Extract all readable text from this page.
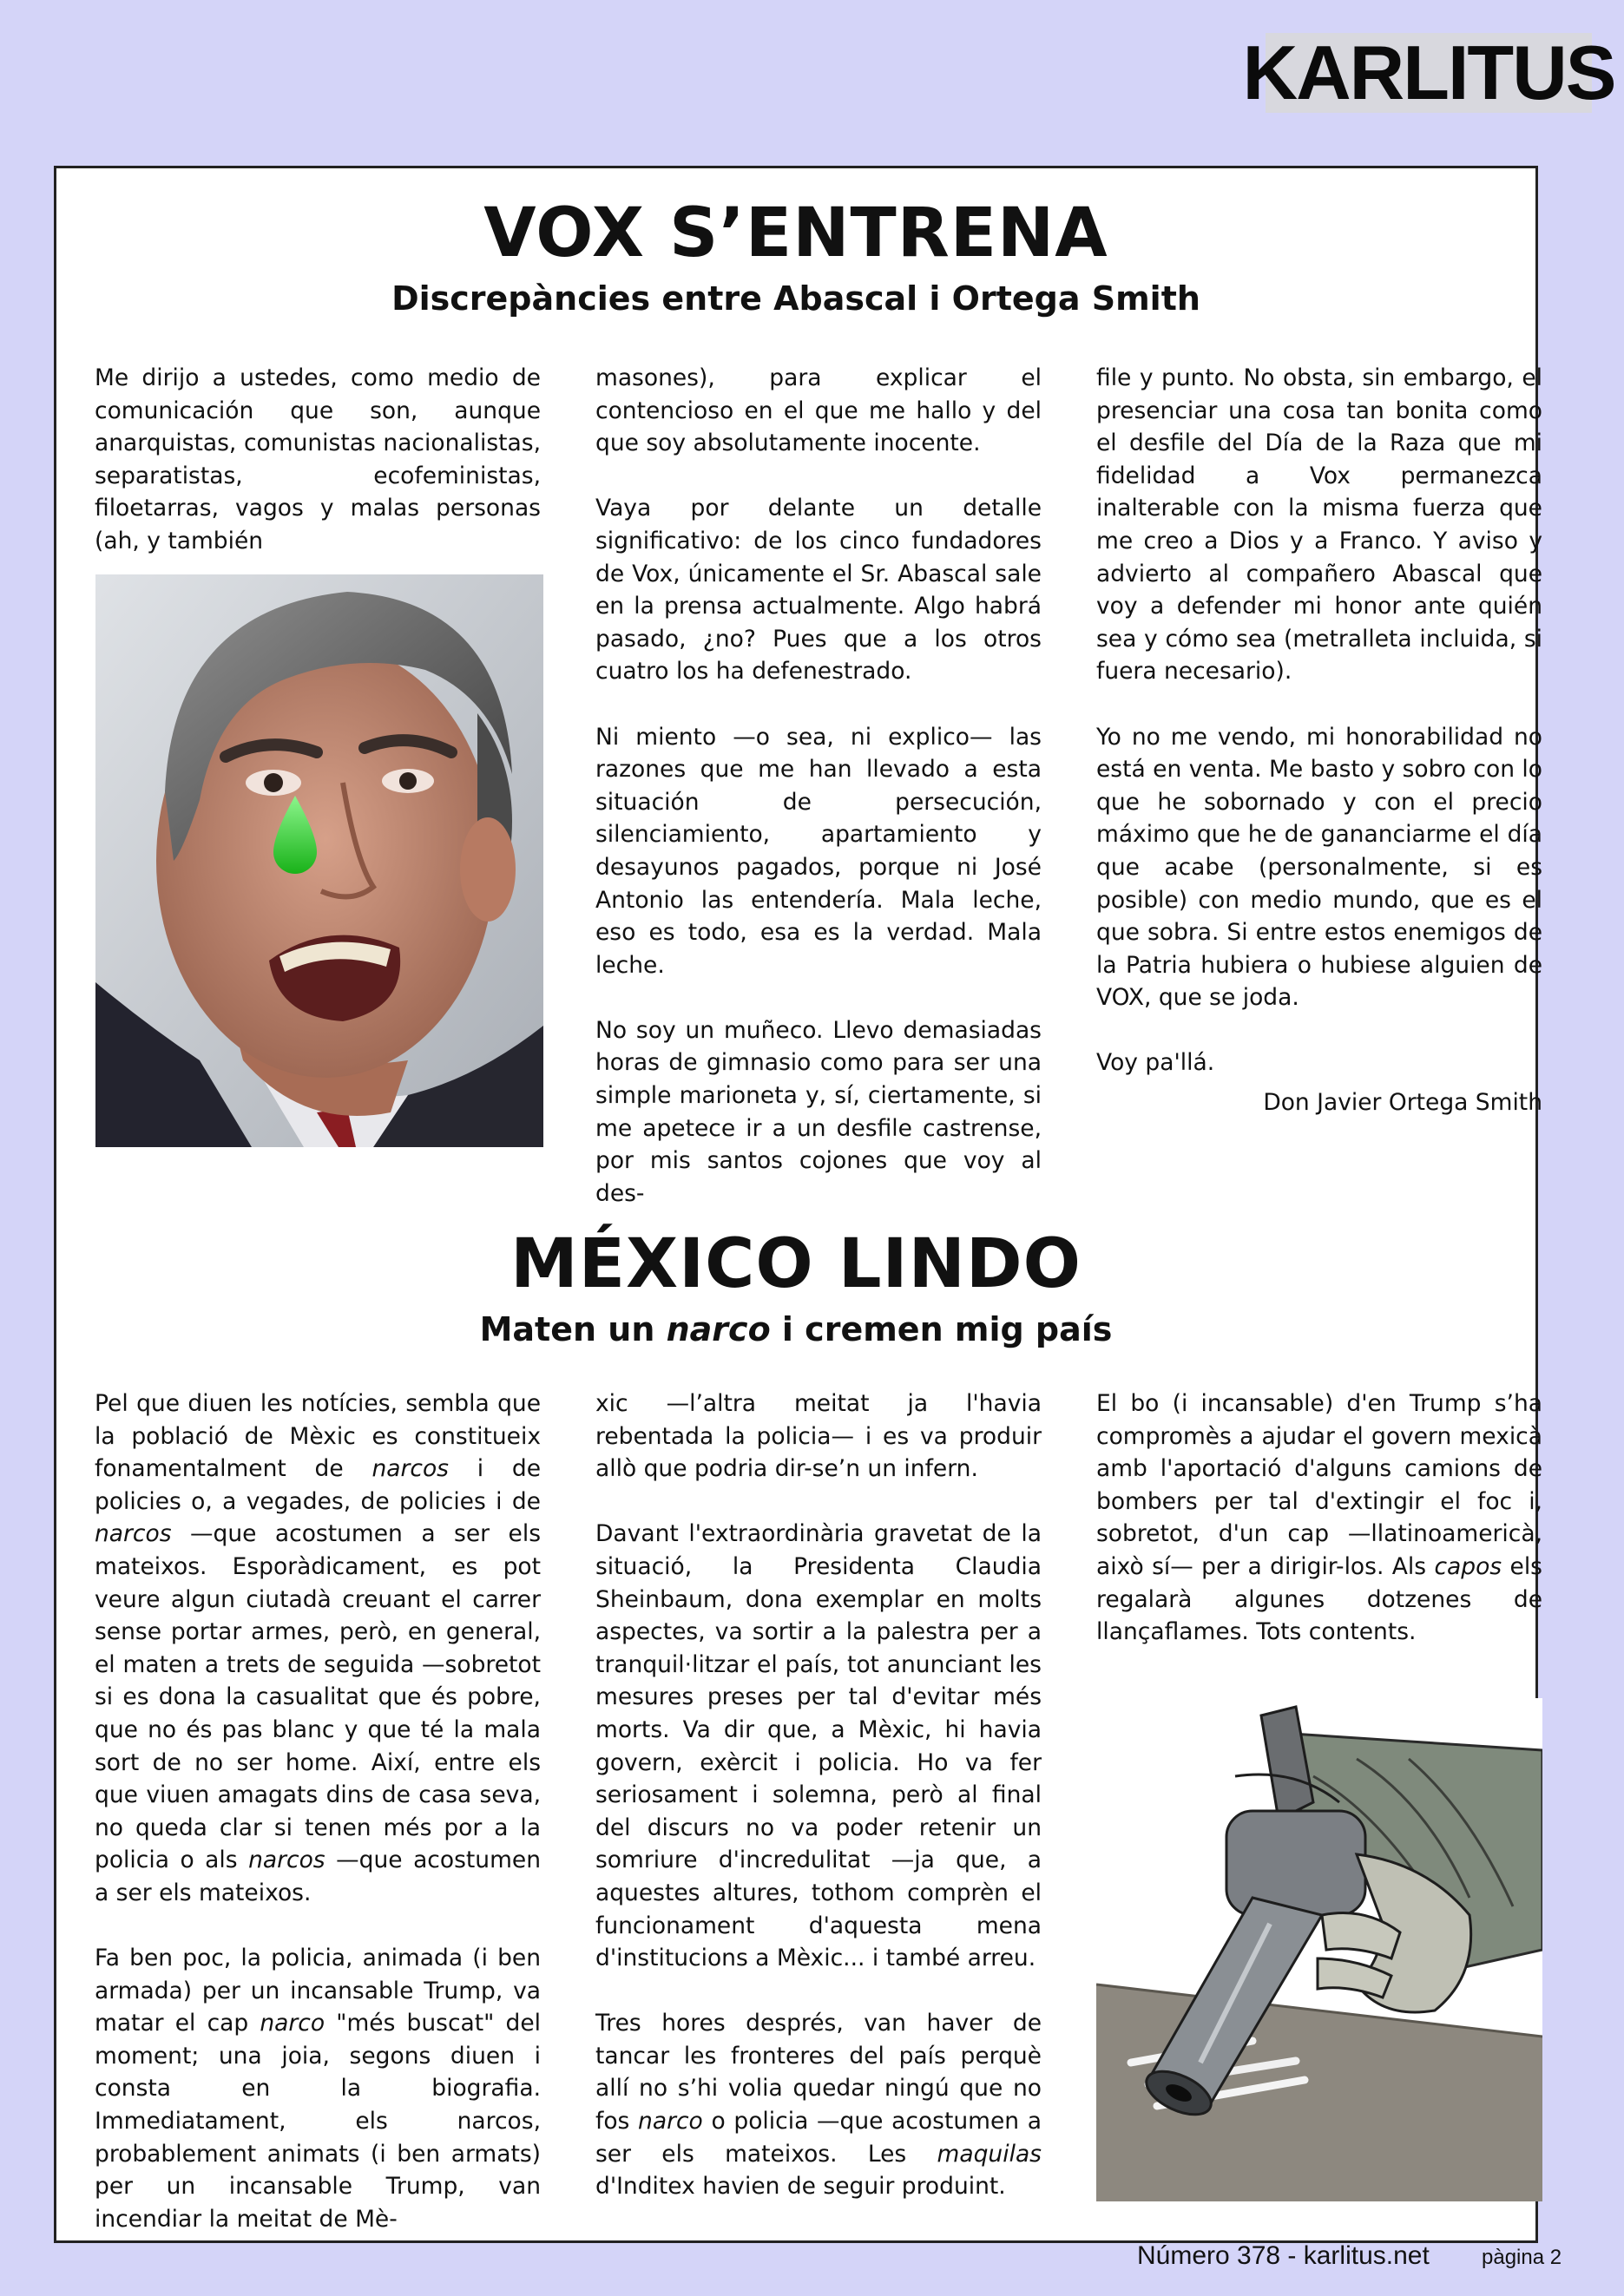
KARLITUS
VOX S’ENTRENA
Discrepàncies entre Abascal i Ortega Smith

Me dirijo a ustedes, como medio de comunicación que son, aunque anarquistas, comunistas nacionalistas, separatistas, ecofeministas, filoetarras, vagos y malas personas (ah, y también

masones), para explicar el contencioso en el que me hallo y del que soy absolutamente inocente.

Vaya por delante un detalle significativo: de los cinco fundadores de Vox, únicamente el Sr. Abascal sale en la prensa actualmente. Algo habrá pasado, ¿no? Pues que a los otros cuatro los ha defenestrado.

Ni miento —o sea, ni explico— las razones que me han llevado a esta situación de persecución, silenciamiento, apartamiento y desayunos pagados, porque ni José Antonio las entendería. Mala leche, eso es todo, esa es la verdad. Mala leche.

No soy un muñeco. Llevo demasiadas horas de gimnasio como para ser una simple marioneta y, sí, ciertamente, si me apetece ir a un desfile castrense, por mis santos cojones que voy al des-

file y punto. No obsta, sin embargo, el presenciar una cosa tan bonita como el desfile del Día de la Raza que mi fidelidad a Vox permanezca inalterable con la misma fuerza que me creo a Dios y a Franco. Y aviso y advierto al compañero Abascal que voy a defender mi honor ante quién sea y cómo sea (metralleta incluida, si fuera necesario).

Yo no me vendo, mi honorabilidad no está en venta. Me basto y sobro con lo que he sobornado y con el precio máximo que he de gananciarme el día que acabe (personalmente, si es posible) con medio mundo, que es el que sobra. Si entre estos enemigos de la Patria hubiera o hubiese alguien de VOX, que se joda.

Voy pa'llá.

Don Javier Ortega Smith

MÉXICO LINDO
Maten un narco i cremen mig país

Pel que diuen les notícies, sembla que la població de Mèxic es constitueix fonamentalment de narcos i de policies o, a vegades, de policies i de narcos —que acostumen a ser els mateixos. Esporàdicament, es pot veure algun ciutadà creuant el carrer sense portar armes, però, en general, el maten a trets de seguida —sobretot si es dona la casualitat que és pobre, que no és pas blanc y que té la mala sort de no ser home. Així, entre els que viuen amagats dins de casa seva, no queda clar si tenen més por a la policia o als narcos —que acostumen a ser els mateixos.

Fa ben poc, la policia, animada (i ben armada) per un incansable Trump, va matar el cap narco "més buscat" del moment; una joia, segons diuen i consta en la biografia. Immediatament, els narcos, probablement animats (i ben armats) per un incansable Trump, van incendiar la meitat de Mè-

xic —l’altra meitat ja l'havia rebentada la policia— i es va produir allò que podria dir-se’n un infern.

Davant l'extraordinària gravetat de la situació, la Presidenta Claudia Sheinbaum, dona exemplar en molts aspectes, va sortir a la palestra per a tranquil·litzar el país, tot anunciant les mesures preses per tal d'evitar més morts. Va dir que, a Mèxic, hi havia govern, exèrcit i policia. Ho va fer seriosament i solemna, però al final del discurs no va poder retenir un somriure d'incredulitat —ja que, a aquestes altures, tothom comprèn el funcionament d'aquesta mena d'institucions a Mèxic... i també arreu.

Tres hores després, van haver de tancar les fronteres del país perquè allí no s’hi volia quedar ningú que no fos narco o policia —que acostumen a ser els mateixos. Les maquilas d'Inditex havien de seguir produint.

El bo (i incansable) d'en Trump s’ha compromès a ajudar el govern mexicà amb l'aportació d'alguns camions de bombers per tal d'extingir el foc i, sobretot, d'un cap —llatinoamericà, això sí— per a dirigir-los. Als capos els regalarà algunes dotzenes de llançaflames. Tots contents.

Número 378 - karlitus.net	pàgina 2
